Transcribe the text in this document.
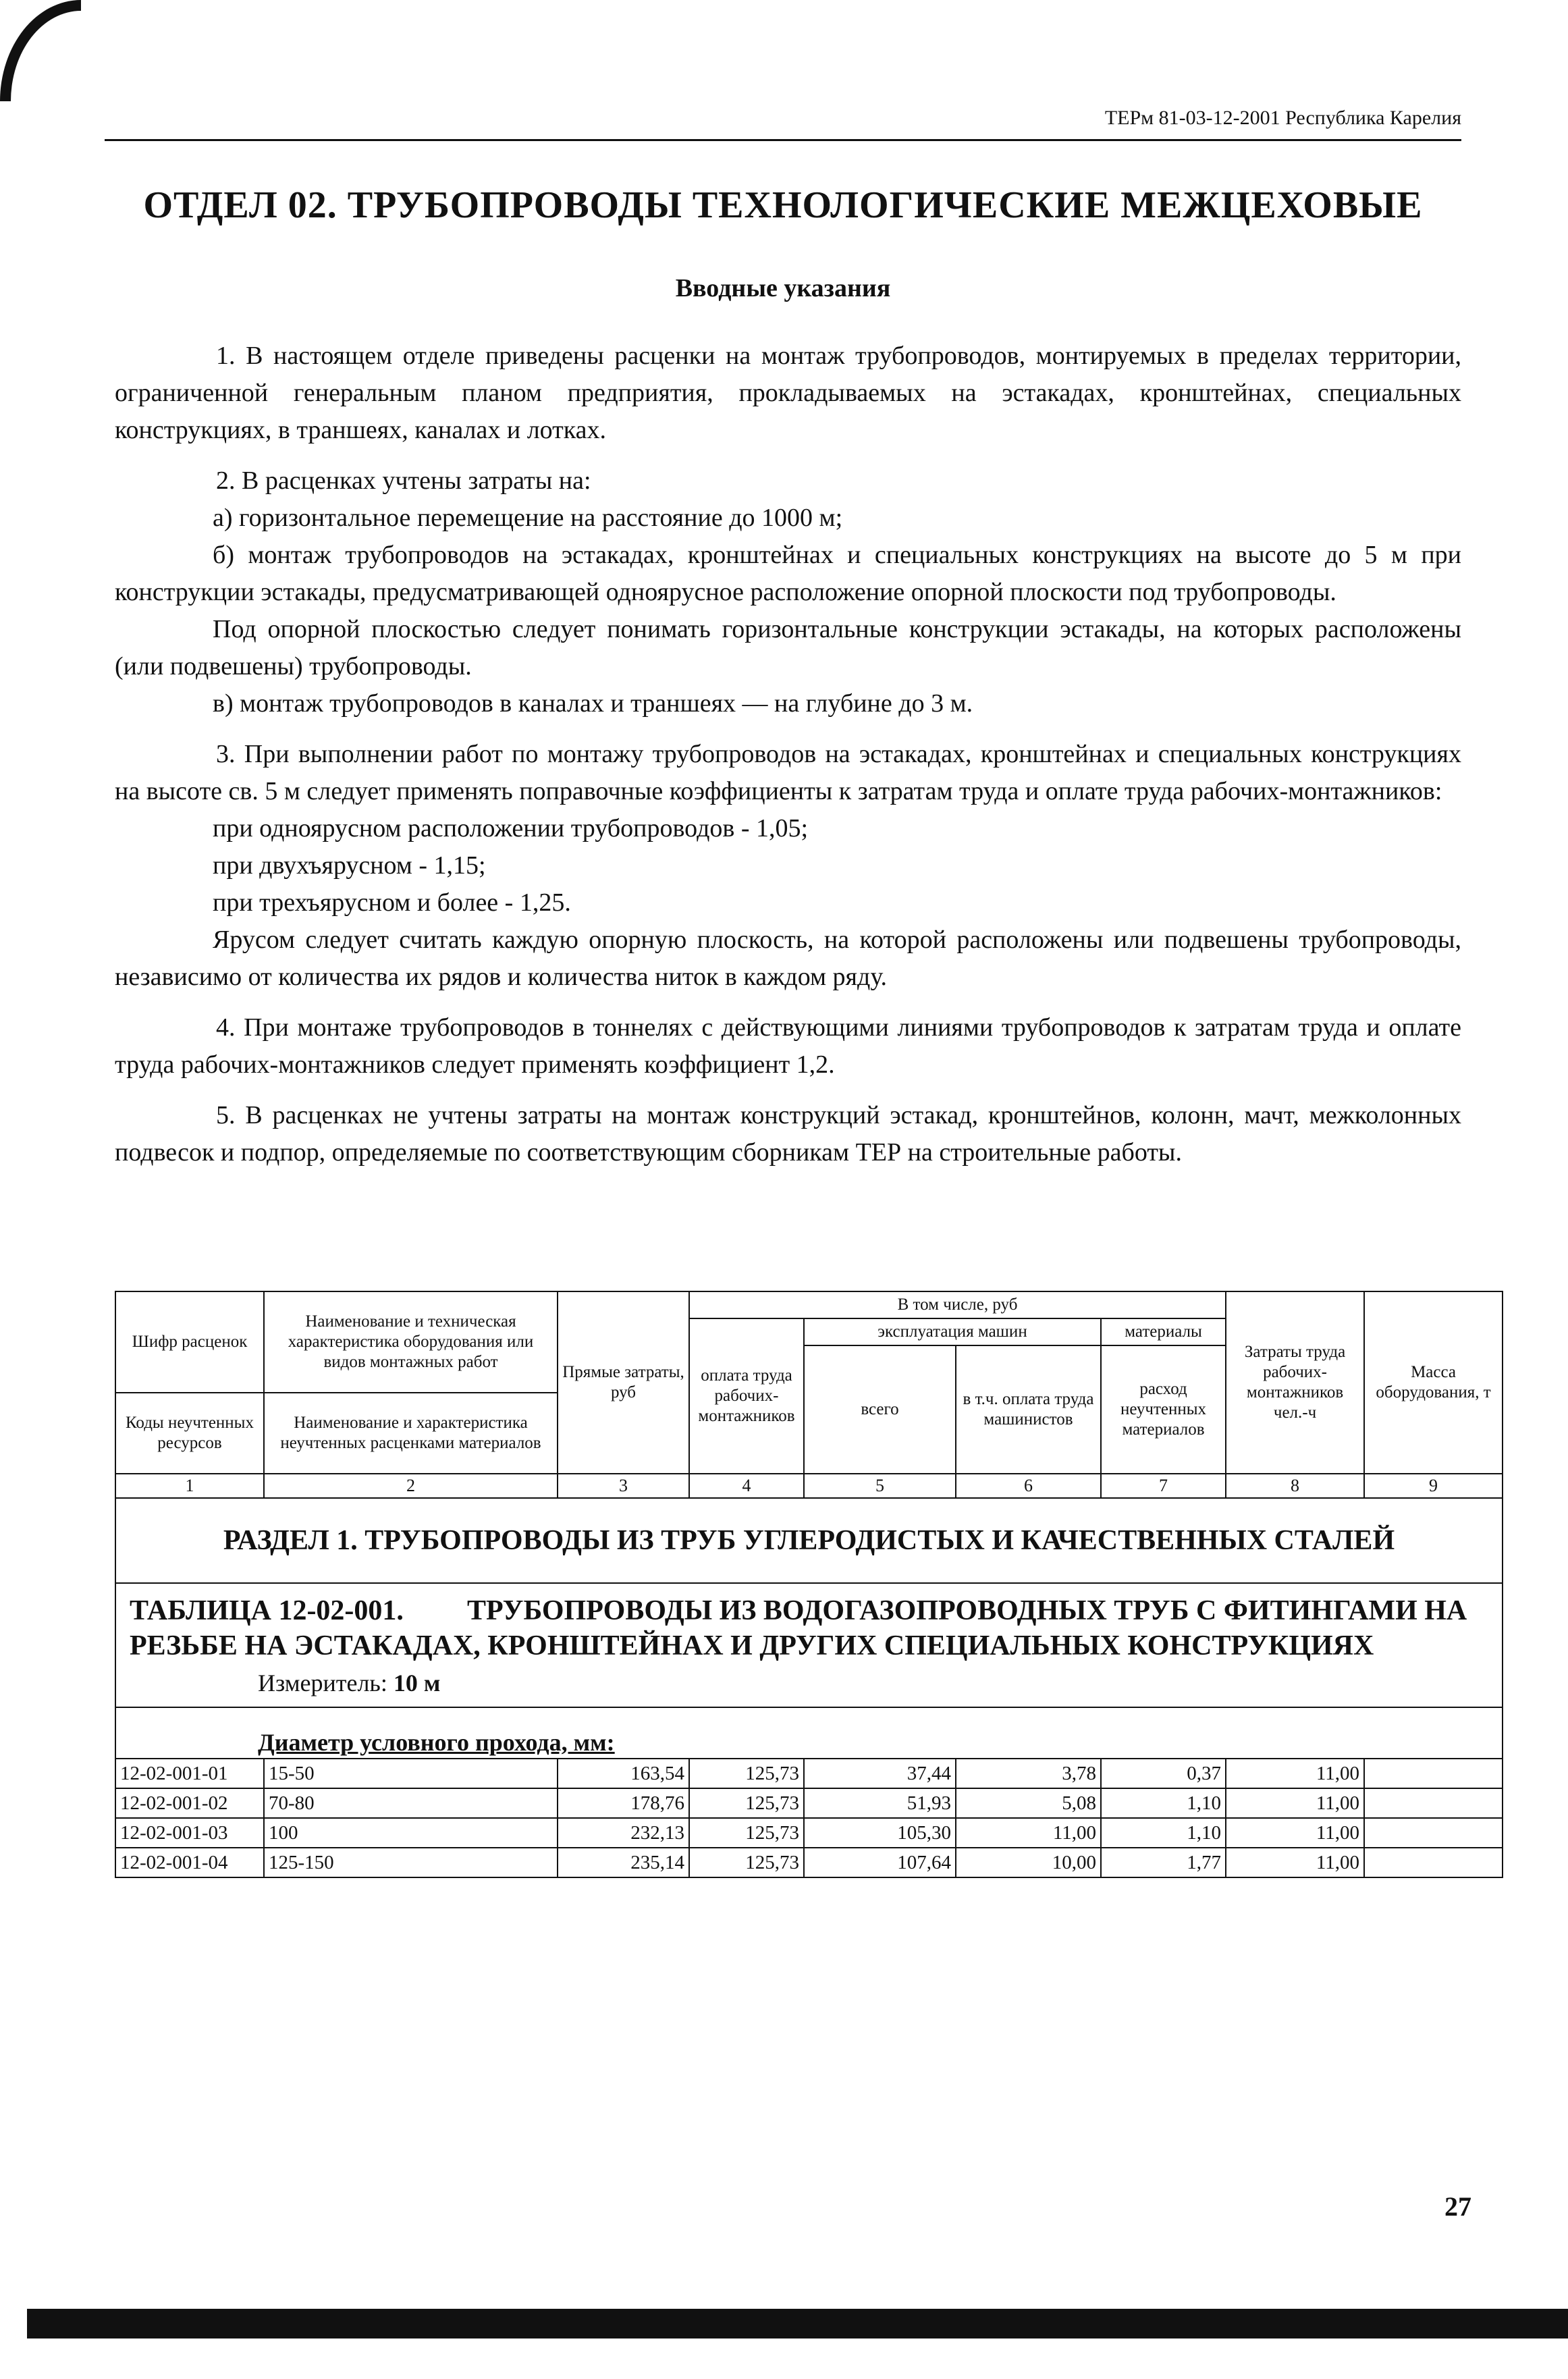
ТЕРм 81-03-12-2001 Республика Карелия
ОТДЕЛ 02. ТРУБОПРОВОДЫ ТЕХНОЛОГИЧЕСКИЕ МЕЖЦЕХОВЫЕ
Вводные указания

1. В настоящем отделе приведены расценки на монтаж трубопроводов, монтируемых в пределах территории, ограниченной генеральным планом предприятия, прокладываемых на эстакадах, кронштейнах, специальных конструкциях, в траншеях, каналах и лотках.

2. В расценках учтены затраты на:

а) горизонтальное перемещение на расстояние до 1000 м;

б) монтаж трубопроводов на эстакадах, кронштейнах и специальных конструкциях на высоте до 5 м при конструкции эстакады, предусматривающей одноярусное расположение опорной плоскости под трубопроводы.

Под опорной плоскостью следует понимать горизонтальные конструкции эстакады, на которых расположены (или подвешены) трубопроводы.

в) монтаж трубопроводов в каналах и траншеях — на глубине до 3 м.

3. При выполнении работ по монтажу трубопроводов на эстакадах, кронштейнах и специальных конструкциях на высоте св. 5 м следует применять поправочные коэффициенты к затратам труда и оплате труда рабочих-монтажников:

при одноярусном расположении трубопроводов - 1,05;

при двухъярусном - 1,15;

при трехъярусном и более - 1,25.

Ярусом следует считать каждую опорную плоскость, на которой расположены или подвешены трубопроводы, независимо от количества их рядов и количества ниток в каждом ряду.

4. При монтаже трубопроводов в тоннелях с действующими линиями трубопроводов к затратам труда и оплате труда рабочих-монтажников следует применять коэффициент 1,2.

5. В расценках не учтены затраты на монтаж конструкций эстакад, кронштейнов, колонн, мачт, межколонных подвесок и подпор, определяемые по соответствующим сборникам ТЕР на строительные работы.

Шифр расценок	Наименование и техническая характеристика оборудования или видов монтажных работ	Прямые затраты, руб	В том числе, руб				Затраты труда рабочих-монтажников чел.-ч	Масса оборудования, т
			оплата труда рабочих-монтажников	эксплуатация машин		материалы		
				всего	в т.ч. оплата труда машинистов	расход неучтенных материалов		
Коды неучтенных ресурсов	Наименование и характеристика неучтенных расценками материалов							

1	2	3	4	5	6	7	8	9
РАЗДЕЛ 1. ТРУБОПРОВОДЫ ИЗ ТРУБ УГЛЕРОДИСТЫХ И КАЧЕСТВЕННЫХ СТАЛЕЙ								

ТАБЛИЦА 12-02-001. ТРУБОПРОВОДЫ ИЗ ВОДОГАЗОПРОВОДНЫХ ТРУБ С ФИТИНГАМИ НА РЕЗЬБЕ НА ЭСТАКАДАХ, КРОНШТЕЙНАХ И ДРУГИХ СПЕЦИАЛЬНЫХ КОНСТРУКЦИЯХ
Измеритель: 10 м								

Диаметр условного прохода, мм:								
12-02-001-01	15-50	163,54	125,73	37,44	3,78	0,37	11,00	
12-02-001-02	70-80	178,76	125,73	51,93	5,08	1,10	11,00	
12-02-001-03	100	232,13	125,73	105,30	11,00	1,10	11,00	
12-02-001-04	125-150	235,14	125,73	107,64	10,00	1,77	11,00	
27
